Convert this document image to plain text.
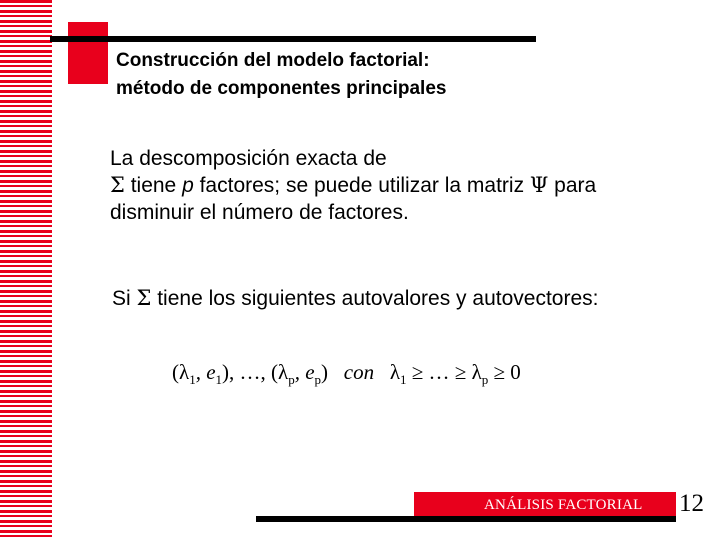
Construcción del modelo factorial:
método de componentes principales

La descomposición exacta de
Σ tiene p factores; se puede utilizar la matriz Ψ para
disminuir el número de factores.

Si Σ tiene los siguientes autovalores y autovectores:

($\lambda_1$, $e_1$), …, ($\lambda_p$, $e_p$) con $\lambda_1$ ≥ … ≥ $\lambda_p \ge 0$
ANÁLISIS FACTORIAL 12
